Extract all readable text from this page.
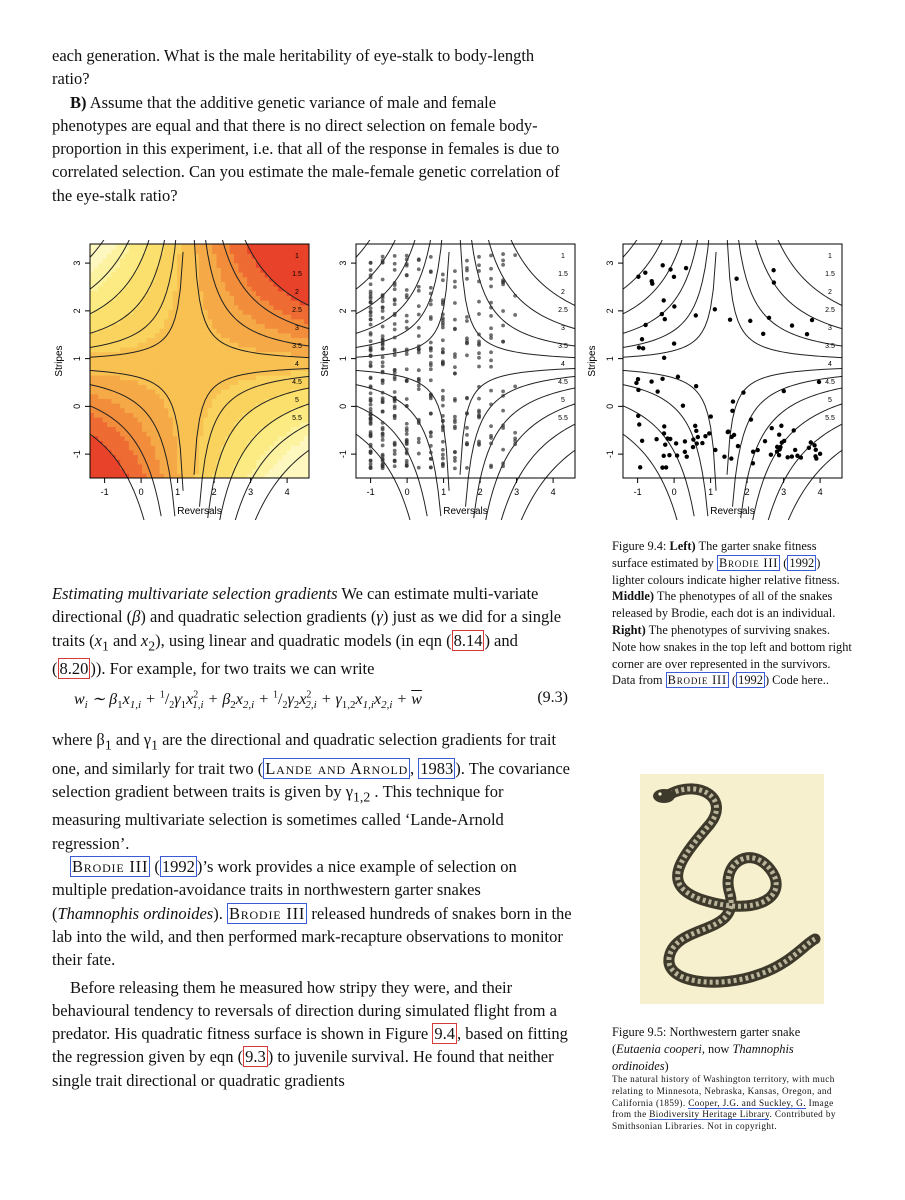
each generation. What is the male heritability of eye-stalk to body-length ratio?

B) Assume that the additive genetic variance of male and female phenotypes are equal and that there is no direct selection on female body-proportion in this experiment, i.e. that all of the response in females is due to correlated selection. Can you estimate the male-female genetic correlation of the eye-stalk ratio?

1
1.5
2
2.5
3
3.5
4
4.5
5
5.5
-1	0	1	2	3	4
-1
0
1
2
3
Reversals
Stripes
1
1.5
2
2.5
3
3.5
4
4.5
5
5.5
-1	0	1	2	3	4
-1
0
1
2
3
Reversals
Stripes
1
1.5
2
2.5
3
3.5
4
4.5
5
5.5
-1	0	1	2	3	4
-1
0
1
2
3
Reversals
Stripes
Figure 9.4: Left) The garter snake fitness surface estimated by Brodie III ( 1992 ) lighter colours indicate higher relative fitness. Middle) The phenotypes of all of the snakes released by Brodie, each dot is an individual. Right) The phenotypes of surviving snakes. Note how snakes in the top left and bottom right corner are over represented in the survivors. Data from Brodie III ( 1992 ) Code here..

Estimating multivariate selection gradients We can estimate multi-variate directional (β) and quadratic selection gradients (γ) just as we did for a single traits ($x_1$ and $x_2$), using linear and quadratic models (in eqn ( 8.14 ) and ( 8.20 )). For example, for two traits we can write

$w_i$ ∼ $\beta_1x_{1,i} + ^1/_2\gamma_1x^2_{1,i} + \beta_2x_{2,i} + ^1/_2\gamma_2x^2_{2,i} + \gamma_{1,2}x_{1,i}x_{2,i} + \overline{w}$	(9.3)

where $\beta_1$ and $\gamma_1$ are the directional and quadratic selection gradients for trait one, and similarly for trait two ( Lande and Arnold , 1983 ). The covariance selection gradient between traits is given by $\gamma_{1,2}$ . This technique for measuring multivariate selection is sometimes called ‘Lande-Arnold regression’.

Brodie III ( 1992 )’s work provides a nice example of selection on multiple predation-avoidance traits in northwestern garter snakes (Thamnophis ordinoides). Brodie III released hundreds of snakes born in the lab into the wild, and then performed mark-recapture observations to monitor their fate.

Before releasing them he measured how stripy they were, and their behavioural tendency to reversals of direction during simulated flight from a predator. His quadratic fitness surface is shown in Figure 9.4 , based on fitting the regression given by eqn ( 9.3 ) to juvenile survival. He found that neither single trait directional or quadratic gradients

Figure 9.5: Northwestern garter snake (Eutaenia cooperi, now Thamnophis ordinoides)
The natural history of Washington territory, with much relating to Minnesota, Nebraska, Kansas, Oregon, and California (1859). Cooper, J.G. and Suckley, G. Image from the Biodiversity Heritage Library. Contributed by Smithsonian Libraries. Not in copyright.
